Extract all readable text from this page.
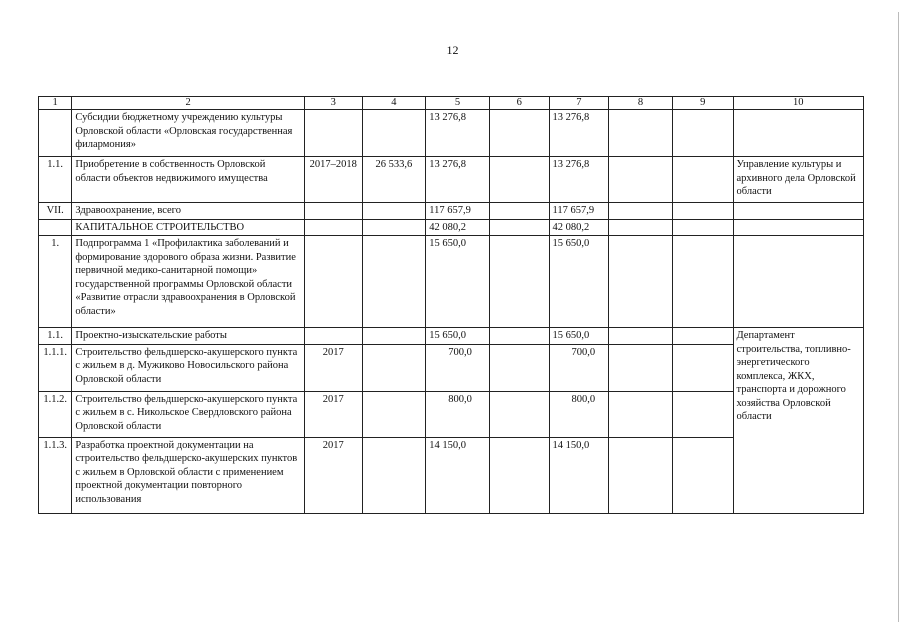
12
1	2	3	4	5	6	7	8	9	10
	Субсидии бюджетному учреждению культуры Орловской области «Орловская государственная филармония»			13 276,8		13 276,8			
1.1.	Приобретение в собственность Орловской области объектов недвижимого имущества	2017–2018	26 533,6	13 276,8		13 276,8			Управление культуры и архивного дела Орловской области
VII.	Здравоохранение, всего			117 657,9		117 657,9			
	КАПИТАЛЬНОЕ СТРОИТЕЛЬСТВО			42 080,2		42 080,2			
1.	Подпрограмма 1 «Профилактика заболеваний и формирование здорового образа жизни. Развитие первичной медико-санитарной помощи» государственной программы Орловской области «Развитие отрасли здравоохранения в Орловской области»			15 650,0		15 650,0			
1.1.	Проектно-изыскательские работы			15 650,0		15 650,0			Департамент строительства, топливно-энергетического комплекса, ЖКХ, транспорта и дорожного хозяйства Орловской области
1.1.1.	Строительство фельдшерско-акушерского пункта с жильем в д. Мужиково Новосильского района Орловской области	2017		700,0		700,0			
1.1.2.	Строительство фельдшерско-акушерского пункта с жильем в с. Никольское Свердловского района Орловской области	2017		800,0		800,0			
1.1.3.	Разработка проектной документации на строительство фельдшерско-акушерских пунктов с жильем в Орловской области с применением проектной документации повторного использования	2017		14 150,0		14 150,0			
